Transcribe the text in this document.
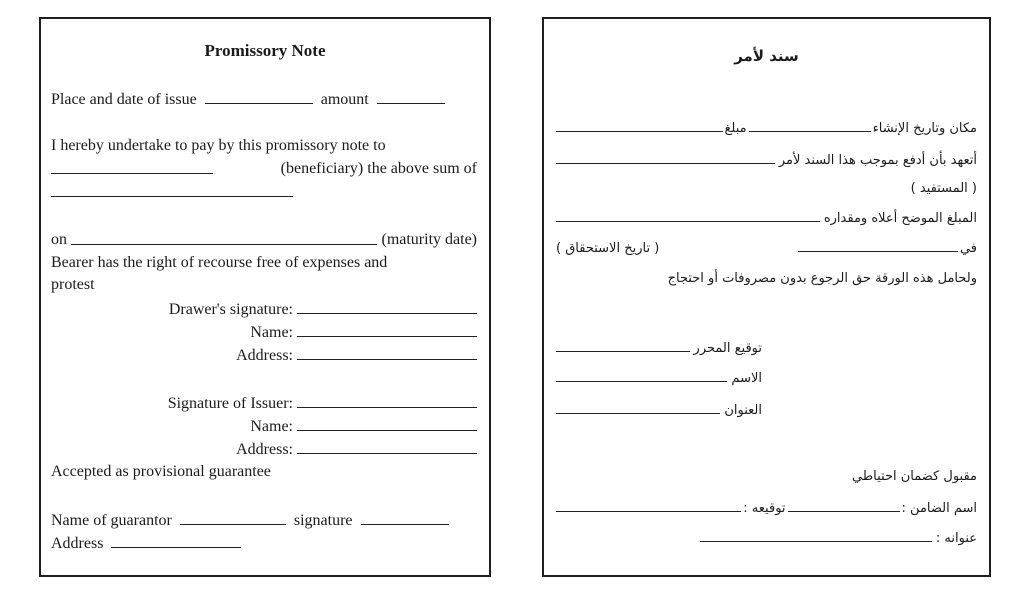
Promissory Note
Place and date of issue	amount
I hereby undertake to pay by this promissory note to
(beneficiary) the above sum of
on	(maturity date)
Bearer has the right of recourse free of expenses and
protest
Drawer's signature:
Name:
Address:
Signature of Issuer:
Name:
Address:
Accepted as provisional guarantee
Name of guarantor	signature
Address
سند لأمر
مكان وتاريخ الإنشاء
مبلغ
أتعهد بأن أدفع بموجب هذا السند لأمر
( المستفيد )
المبلغ الموضح أعلاه ومقداره
في
( تاريخ الاستحقاق )
ولحامل هذه الورقة حق الرجوع بدون مصروفات أو احتجاج
توقيع المحرر
الاسم
العنوان
مقبول كضمان احتياطي
اسم الضامن :
توقيعه :
عنوانه :
